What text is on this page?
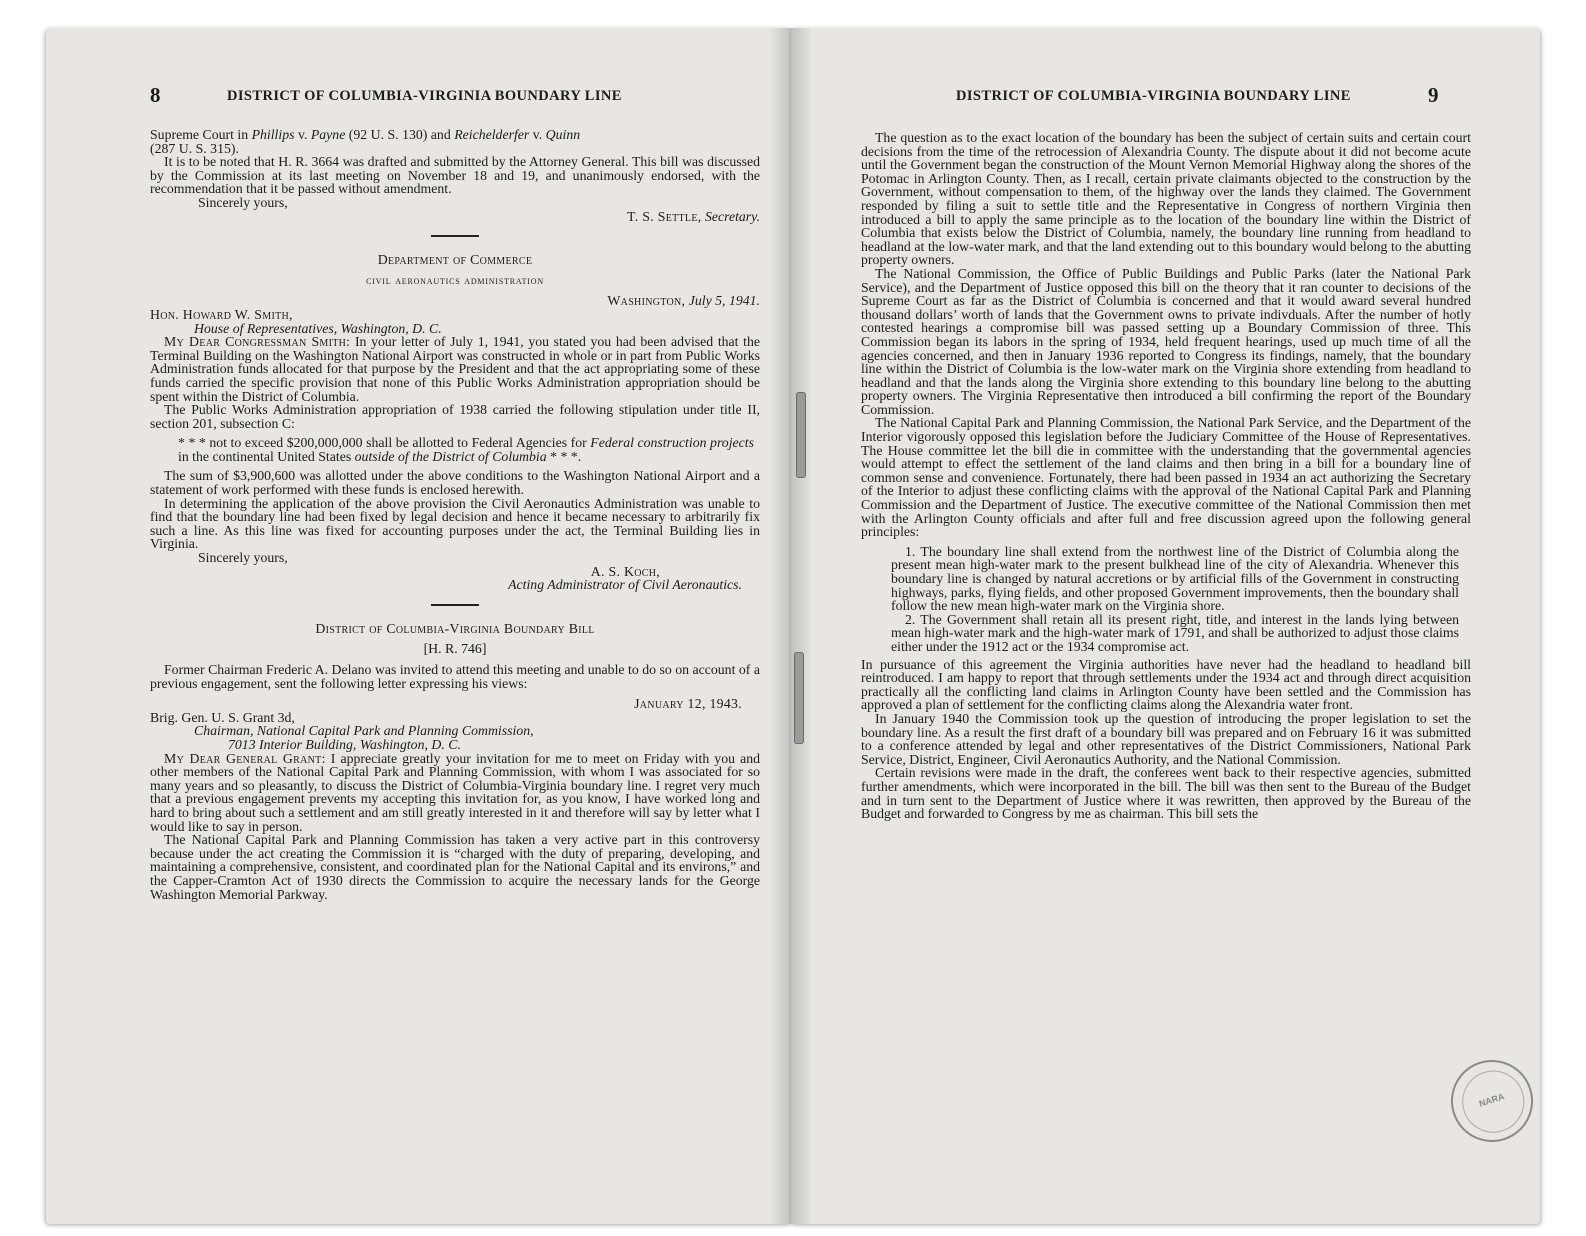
8	DISTRICT OF COLUMBIA-VIRGINIA BOUNDARY LINE

Supreme Court in Phillips v. Payne (92 U. S. 130) and Reichelderfer v. Quinn
(287 U. S. 315).

It is to be noted that H. R. 3664 was drafted and submitted by the Attorney General. This bill was discussed by the Commission at its last meeting on November 18 and 19, and unanimously endorsed, with the recommendation that it be passed without amendment.

Sincerely yours,

T. S. Settle, Secretary.

Department of Commerce

civil aeronautics administration

Washington, July 5, 1941.

Hon. Howard W. Smith,

House of Representatives, Washington, D. C.

My Dear Congressman Smith: In your letter of July 1, 1941, you stated you had been advised that the Terminal Building on the Washington National Airport was constructed in whole or in part from Public Works Administration funds allocated for that purpose by the President and that the act appropriating some of these funds carried the specific provision that none of this Public Works Administration appropriation should be spent within the District of Columbia.

The Public Works Administration appropriation of 1938 carried the following stipulation under title II, section 201, subsection C:

* * * not to exceed $200,000,000 shall be allotted to Federal Agencies for Federal construction projects in the continental United States outside of the District of Columbia * * *.

The sum of $3,900,600 was allotted under the above conditions to the Washington National Airport and a statement of work performed with these funds is enclosed herewith.

In determining the application of the above provision the Civil Aeronautics Administration was unable to find that the boundary line had been fixed by legal decision and hence it became necessary to arbitrarily fix such a line. As this line was fixed for accounting purposes under the act, the Terminal Building lies in Virginia.

Sincerely yours,

A. S. Koch,

Acting Administrator of Civil Aeronautics.

District of Columbia-Virginia Boundary Bill

[H. R. 746]

Former Chairman Frederic A. Delano was invited to attend this meeting and unable to do so on account of a previous engagement, sent the following letter expressing his views:

January 12, 1943.

Brig. Gen. U. S. Grant 3d,

Chairman, National Capital Park and Planning Commission,

7013 Interior Building, Washington, D. C.

My Dear General Grant: I appreciate greatly your invitation for me to meet on Friday with you and other members of the National Capital Park and Planning Commission, with whom I was associated for so many years and so pleasantly, to discuss the District of Columbia-Virginia boundary line. I regret very much that a previous engagement prevents my accepting this invitation for, as you know, I have worked long and hard to bring about such a settlement and am still greatly interested in it and therefore will say by letter what I would like to say in person.

The National Capital Park and Planning Commission has taken a very active part in this controversy because under the act creating the Commission it is “charged with the duty of preparing, developing, and maintaining a comprehensive, consistent, and coordinated plan for the National Capital and its environs,” and the Capper-Cramton Act of 1930 directs the Commission to acquire the necessary lands for the George Washington Memorial Parkway.

DISTRICT OF COLUMBIA-VIRGINIA BOUNDARY LINE	9

The question as to the exact location of the boundary has been the subject of certain suits and certain court decisions from the time of the retrocession of Alexandria County. The dispute about it did not become acute until the Government began the construction of the Mount Vernon Memorial Highway along the shores of the Potomac in Arlington County. Then, as I recall, certain private claimants objected to the construction by the Government, without compensation to them, of the highway over the lands they claimed. The Government responded by filing a suit to settle title and the Representative in Congress of northern Virginia then introduced a bill to apply the same principle as to the location of the boundary line within the District of Columbia that exists below the District of Columbia, namely, the boundary line running from headland to headland at the low-water mark, and that the land extending out to this boundary would belong to the abutting property owners.

The National Commission, the Office of Public Buildings and Public Parks (later the National Park Service), and the Department of Justice opposed this bill on the theory that it ran counter to decisions of the Supreme Court as far as the District of Columbia is concerned and that it would award several hundred thousand dollars’ worth of lands that the Government owns to private indivduals. After the number of hotly contested hearings a compromise bill was passed setting up a Boundary Commission of three. This Commission began its labors in the spring of 1934, held frequent hearings, used up much time of all the agencies concerned, and then in January 1936 reported to Congress its findings, namely, that the boundary line within the District of Columbia is the low-water mark on the Virginia shore extending from headland to headland and that the lands along the Virginia shore extending to this boundary line belong to the abutting property owners. The Virginia Representative then introduced a bill confirming the report of the Boundary Commission.

The National Capital Park and Planning Commission, the National Park Service, and the Department of the Interior vigorously opposed this legislation before the Judiciary Committee of the House of Representatives. The House committee let the bill die in committee with the understanding that the governmental agencies would attempt to effect the settlement of the land claims and then bring in a bill for a boundary line of common sense and convenience. Fortunately, there had been passed in 1934 an act authorizing the Secretary of the Interior to adjust these conflicting claims with the approval of the National Capital Park and Planning Commission and the Department of Justice. The executive committee of the National Commission then met with the Arlington County officials and after full and free discussion agreed upon the following general principles:

1. The boundary line shall extend from the northwest line of the District of Columbia along the present mean high-water mark to the present bulkhead line of the city of Alexandria. Whenever this boundary line is changed by natural accretions or by artificial fills of the Government in constructing highways, parks, flying fields, and other proposed Government improvements, then the boundary shall follow the new mean high-water mark on the Virginia shore.

2. The Government shall retain all its present right, title, and interest in the lands lying between mean high-water mark and the high-water mark of 1791, and shall be authorized to adjust those claims either under the 1912 act or the 1934 compromise act.

In pursuance of this agreement the Virginia authorities have never had the headland to headland bill reintroduced. I am happy to report that through settlements under the 1934 act and through direct acquisition practically all the conflicting land claims in Arlington County have been settled and the Commission has approved a plan of settlement for the conflicting claims along the Alexandria water front.

In January 1940 the Commission took up the question of introducing the proper legislation to set the boundary line. As a result the first draft of a boundary bill was prepared and on February 16 it was submitted to a conference attended by legal and other representatives of the District Commissioners, National Park Service, District, Engineer, Civil Aeronautics Authority, and the National Commission.

Certain revisions were made in the draft, the conferees went back to their respective agencies, submitted further amendments, which were incorporated in the bill. The bill was then sent to the Bureau of the Budget and in turn sent to the Department of Justice where it was rewritten, then approved by the Bureau of the Budget and forwarded to Congress by me as chairman. This bill sets the

NARA
